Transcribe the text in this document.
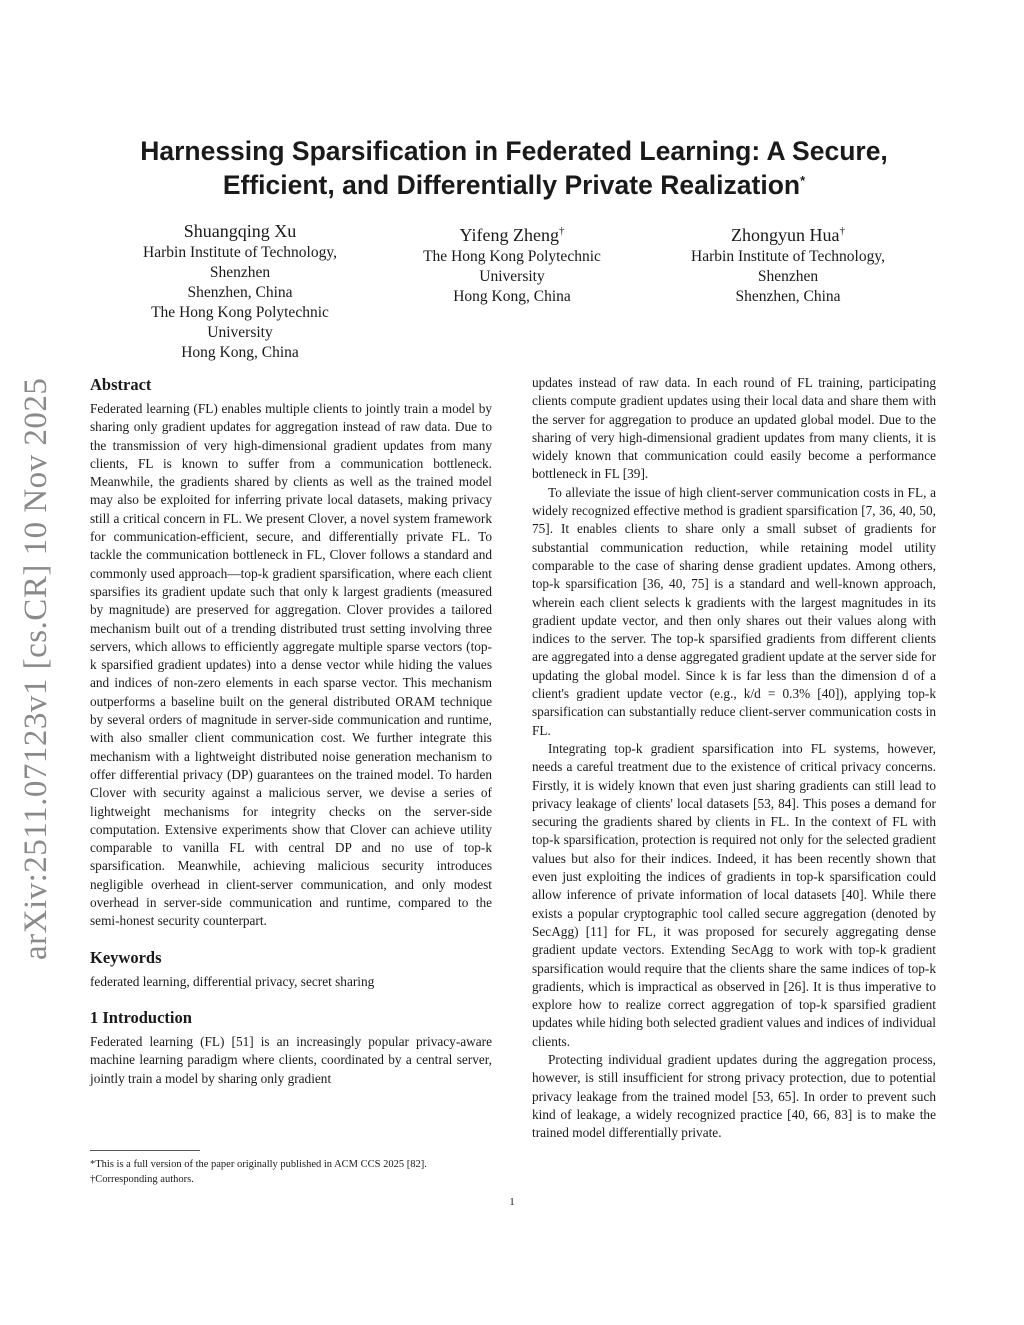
arXiv:2511.07123v1 [cs.CR] 10 Nov 2025
Harnessing Sparsification in Federated Learning: A Secure,
Efficient, and Differentially Private Realization*
Shuangqing Xu
Harbin Institute of Technology,
Shenzhen
Shenzhen, China
The Hong Kong Polytechnic
University
Hong Kong, China
Yifeng Zheng†
The Hong Kong Polytechnic
University
Hong Kong, China
Zhongyun Hua†
Harbin Institute of Technology,
Shenzhen
Shenzhen, China
Abstract

Federated learning (FL) enables multiple clients to jointly train a model by sharing only gradient updates for aggregation instead of raw data. Due to the transmission of very high-dimensional gradient updates from many clients, FL is known to suffer from a communication bottleneck. Meanwhile, the gradients shared by clients as well as the trained model may also be exploited for inferring private local datasets, making privacy still a critical concern in FL. We present Clover, a novel system framework for communication-efficient, secure, and differentially private FL. To tackle the communication bottleneck in FL, Clover follows a standard and commonly used approach—top-k gradient sparsification, where each client sparsifies its gradient update such that only k largest gradients (measured by magnitude) are preserved for aggregation. Clover provides a tailored mechanism built out of a trending distributed trust setting involving three servers, which allows to efficiently aggregate multiple sparse vectors (top-k sparsified gradient updates) into a dense vector while hiding the values and indices of non-zero elements in each sparse vector. This mechanism outperforms a baseline built on the general distributed ORAM technique by several orders of magnitude in server-side communication and runtime, with also smaller client communication cost. We further integrate this mechanism with a lightweight distributed noise generation mechanism to offer differential privacy (DP) guarantees on the trained model. To harden Clover with security against a malicious server, we devise a series of lightweight mechanisms for integrity checks on the server-side computation. Extensive experiments show that Clover can achieve utility comparable to vanilla FL with central DP and no use of top-k sparsification. Meanwhile, achieving malicious security introduces negligible overhead in client-server communication, and only modest overhead in server-side communication and runtime, compared to the semi-honest security counterpart.

Keywords

federated learning, differential privacy, secret sharing

1 Introduction

Federated learning (FL) [51] is an increasingly popular privacy-aware machine learning paradigm where clients, coordinated by a central server, jointly train a model by sharing only gradient

updates instead of raw data. In each round of FL training, participating clients compute gradient updates using their local data and share them with the server for aggregation to produce an updated global model. Due to the sharing of very high-dimensional gradient updates from many clients, it is widely known that communication could easily become a performance bottleneck in FL [39].

To alleviate the issue of high client-server communication costs in FL, a widely recognized effective method is gradient sparsification [7, 36, 40, 50, 75]. It enables clients to share only a small subset of gradients for substantial communication reduction, while retaining model utility comparable to the case of sharing dense gradient updates. Among others, top-k sparsification [36, 40, 75] is a standard and well-known approach, wherein each client selects k gradients with the largest magnitudes in its gradient update vector, and then only shares out their values along with indices to the server. The top-k sparsified gradients from different clients are aggregated into a dense aggregated gradient update at the server side for updating the global model. Since k is far less than the dimension d of a client's gradient update vector (e.g., k/d = 0.3% [40]), applying top-k sparsification can substantially reduce client-server communication costs in FL.

Integrating top-k gradient sparsification into FL systems, however, needs a careful treatment due to the existence of critical privacy concerns. Firstly, it is widely known that even just sharing gradients can still lead to privacy leakage of clients' local datasets [53, 84]. This poses a demand for securing the gradients shared by clients in FL. In the context of FL with top-k sparsification, protection is required not only for the selected gradient values but also for their indices. Indeed, it has been recently shown that even just exploiting the indices of gradients in top-k sparsification could allow inference of private information of local datasets [40]. While there exists a popular cryptographic tool called secure aggregation (denoted by SecAgg) [11] for FL, it was proposed for securely aggregating dense gradient update vectors. Extending SecAgg to work with top-k gradient sparsification would require that the clients share the same indices of top-k gradients, which is impractical as observed in [26]. It is thus imperative to explore how to realize correct aggregation of top-k sparsified gradient updates while hiding both selected gradient values and indices of individual clients.

Protecting individual gradient updates during the aggregation process, however, is still insufficient for strong privacy protection, due to potential privacy leakage from the trained model [53, 65]. In order to prevent such kind of leakage, a widely recognized practice [40, 66, 83] is to make the trained model differentially private.

*This is a full version of the paper originally published in ACM CCS 2025 [82].
†Corresponding authors.
1
